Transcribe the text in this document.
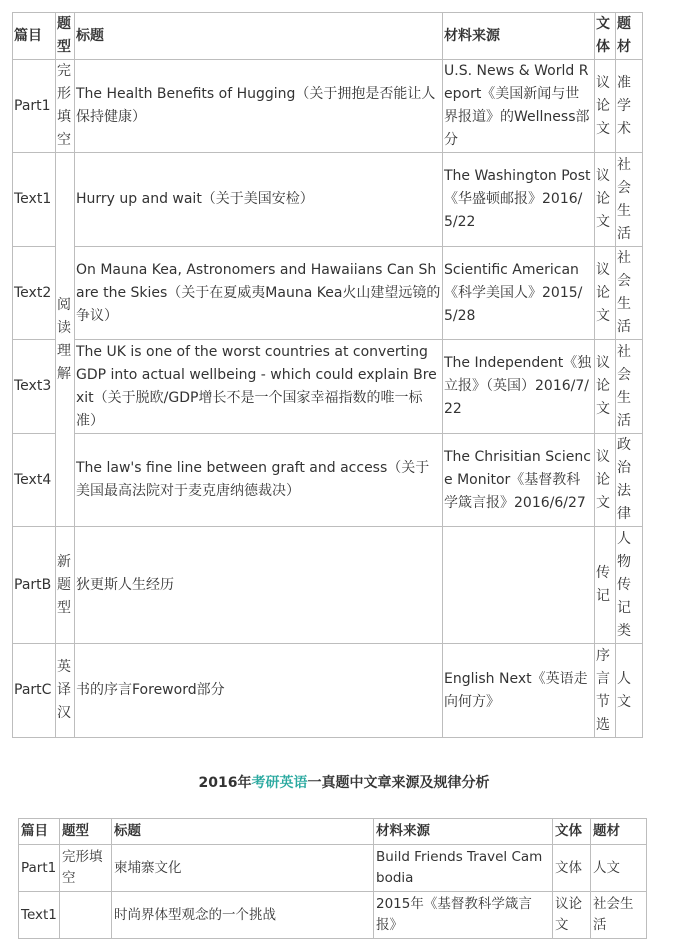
篇目	题型	标题	材料来源	文体	题材
Part1	完形填空	The Health Benefits of Hugging（关于拥抱是否能让人保持健康）	U.S. News & World Report《美国新闻与世界报道》的Wellness部分	议论文	准学术
Text1	阅读理解	Hurry up and wait（关于美国安检）	The Washington Post《华盛顿邮报》2016/5/22	议论文	社会生活
Text2		On Mauna Kea, Astronomers and Hawaiians Can Share the Skies（关于在夏威夷Mauna Kea火山建望远镜的争议）	Scientific American《科学美国人》2015/5/28	议论文	社会生活
Text3		The UK is one of the worst countries at converting GDP into actual wellbeing - which could explain Brexit（关于脱欧/GDP增长不是一个国家幸福指数的唯一标准）	The Independent《独立报》（英国）2016/7/22	议论文	社会生活
Text4		The law's fine line between graft and access（关于美国最高法院对于麦克唐纳德裁决）	The Chrisitian Science Monitor《基督教科学箴言报》2016/6/27	议论文	政治法律
PartB	新题型	狄更斯人生经历		传记	人物传记类
PartC	英译汉	书的序言Foreword部分	English Next《英语走向何方》	序言节选	人文
2016年考研英语一真题中文章来源及规律分析
篇目	题型	标题	材料来源	文体	题材
Part1	完形填空	柬埔寨文化	Build Friends Travel Cambodia	文体	人文
Text1		时尚界体型观念的一个挑战	2015年《基督教科学箴言报》	议论文	社会生活
